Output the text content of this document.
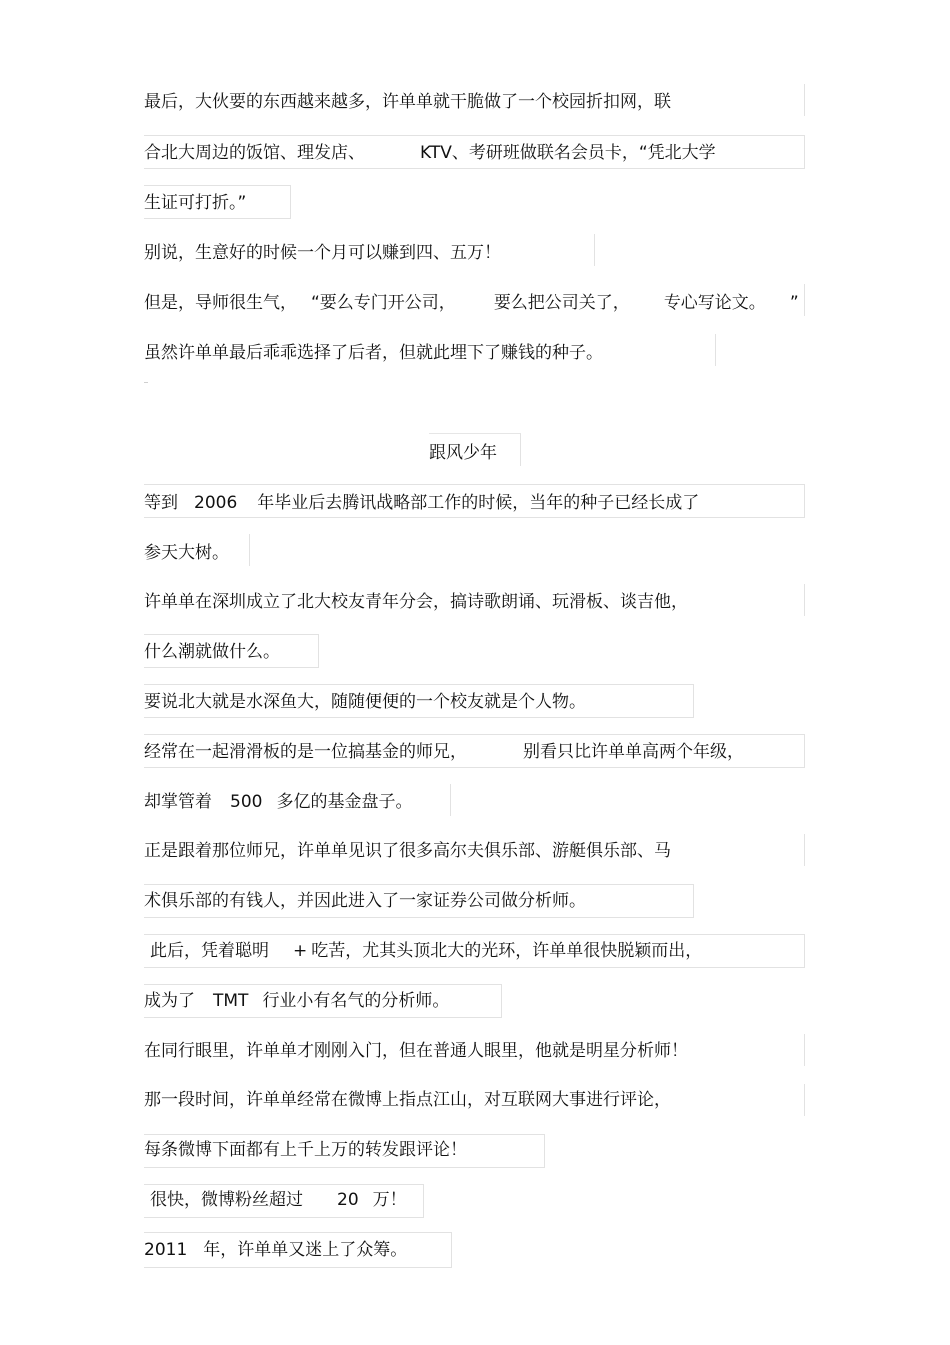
最后，大伙要的东西越来越多，许单单就干脆做了一个校园折扣网，联
合北大周边的饭馆、理发店、	KTV、考研班做联名会员卡，“凭北大学
生证可打折。”
别说，生意好的时候一个月可以赚到四、五万！
但是，导师很生气， “要么专门开公司， 要么把公司关了， 专心写论文。 ”
虽然许单单最后乖乖选择了后者，但就此埋下了赚钱的种子。
跟风少年
等到 2006 年毕业后去腾讯战略部工作的时候，当年的种子已经长成了
参天大树。
许单单在深圳成立了北大校友青年分会，搞诗歌朗诵、玩滑板、谈吉他，
什么潮就做什么。
要说北大就是水深鱼大，随随便便的一个校友就是个人物。
经常在一起滑滑板的是一位搞基金的师兄，	别看只比许单单高两个年级，
却掌管着 500 多亿的基金盘子。
正是跟着那位师兄，许单单见识了很多高尔夫俱乐部、游艇俱乐部、马
术俱乐部的有钱人，并因此进入了一家证券公司做分析师。
此后，凭着聪明 + 吃苦，尤其头顶北大的光环，许单单很快脱颖而出，
成为了 TMT 行业小有名气的分析师。
在同行眼里，许单单才刚刚入门，但在普通人眼里，他就是明星分析师！
那一段时间，许单单经常在微博上指点江山，对互联网大事进行评论，
每条微博下面都有上千上万的转发跟评论！
很快，微博粉丝超过 20 万！
2011 年，许单单又迷上了众筹。
